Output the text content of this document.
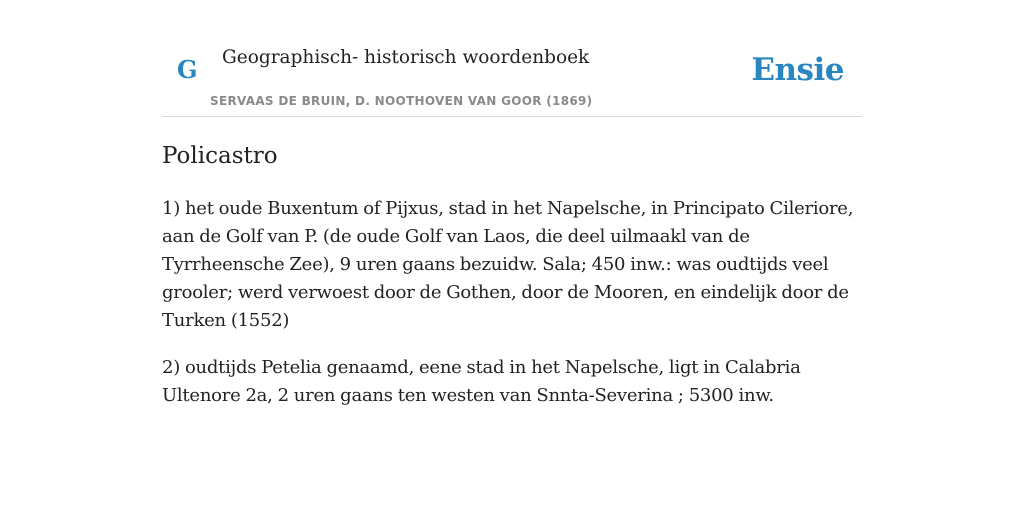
G Geographisch- historisch woordenboek
SERVAAS DE BRUIN, D. NOOTHOVEN VAN GOOR (1869)
Ensie
Policastro

1) het oude Buxentum of Pijxus, stad in het Napelsche, in Principato Cileriore, aan de Golf van P. (de oude Golf van Laos, die deel uilmaakl van de Tyrrheensche Zee), 9 uren gaans bezuidw. Sala; 450 inw.: was oudtijds veel grooler; werd verwoest door de Gothen, door de Mooren, en eindelijk door de Turken (1552)

2) oudtijds Petelia genaamd, eene stad in het Napelsche, ligt in Calabria Ultenore 2a, 2 uren gaans ten westen van Snnta-Severina ; 5300 inw.
